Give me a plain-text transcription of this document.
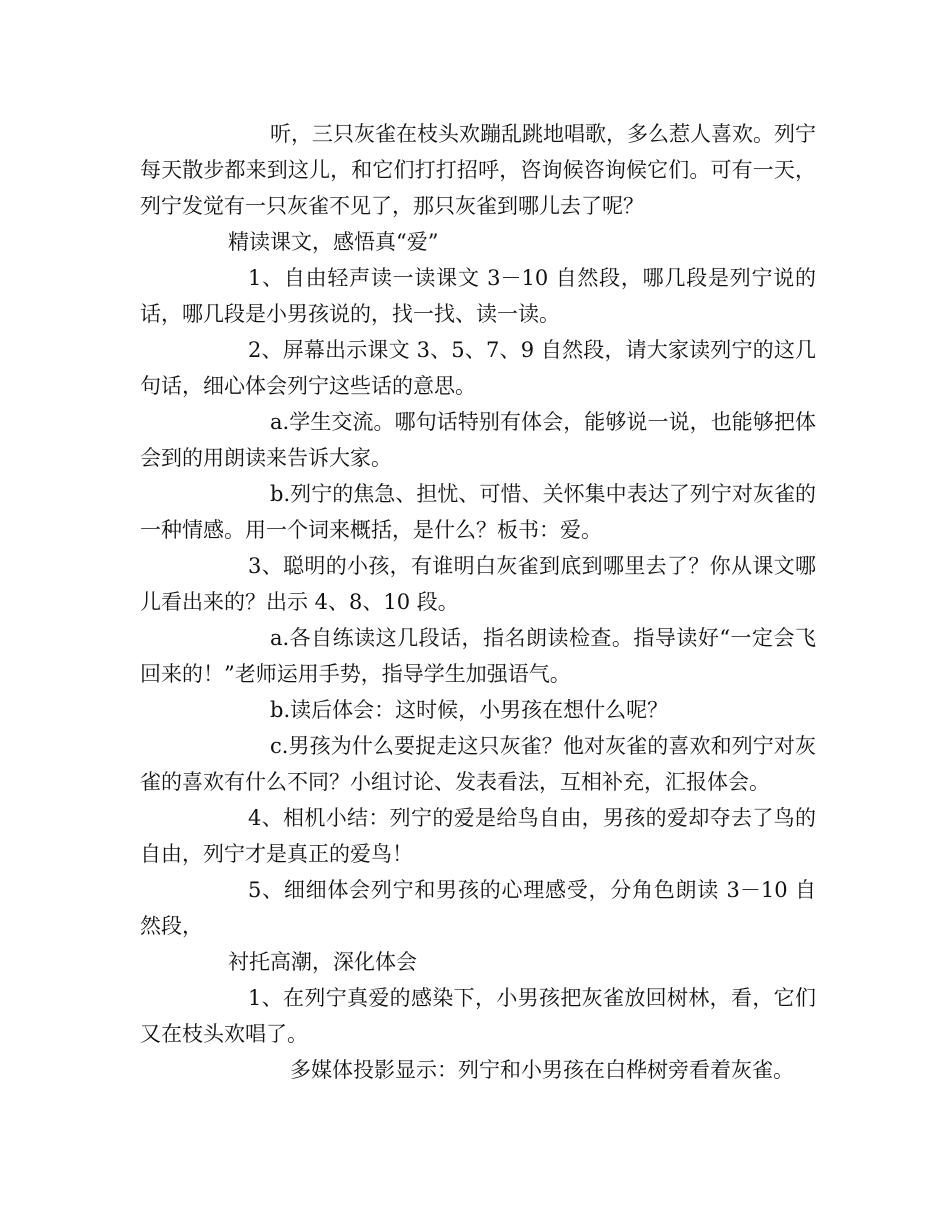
听，三只灰雀在枝头欢蹦乱跳地唱歌，多么惹人喜欢。列宁每天散步都来到这儿，和它们打打招呼，咨询候咨询候它们。可有一天，列宁发觉有一只灰雀不见了，那只灰雀到哪儿去了呢？

精读课文，感悟真“爱”

1、自由轻声读一读课文 3－10 自然段，哪几段是列宁说的话，哪几段是小男孩说的，找一找、读一读。

2、屏幕出示课文 3、5、7、9 自然段，请大家读列宁的这几句话，细心体会列宁这些话的意思。

a.学生交流。哪句话特别有体会，能够说一说，也能够把体会到的用朗读来告诉大家。

b.列宁的焦急、担忧、可惜、关怀集中表达了列宁对灰雀的一种情感。用一个词来概括，是什么？板书：爱。

3、聪明的小孩，有谁明白灰雀到底到哪里去了？你从课文哪儿看出来的？出示 4、8、10 段。

a.各自练读这几段话，指名朗读检查。指导读好“一定会飞回来的！”老师运用手势，指导学生加强语气。

b.读后体会：这时候，小男孩在想什么呢？

c.男孩为什么要捉走这只灰雀？他对灰雀的喜欢和列宁对灰雀的喜欢有什么不同？小组讨论、发表看法，互相补充，汇报体会。

4、相机小结：列宁的爱是给鸟自由，男孩的爱却夺去了鸟的自由，列宁才是真正的爱鸟！

5、细细体会列宁和男孩的心理感受，分角色朗读 3－10 自然段，

衬托高潮，深化体会

1、在列宁真爱的感染下，小男孩把灰雀放回树林，看，它们又在枝头欢唱了。

多媒体投影显示：列宁和小男孩在白桦树旁看着灰雀。
